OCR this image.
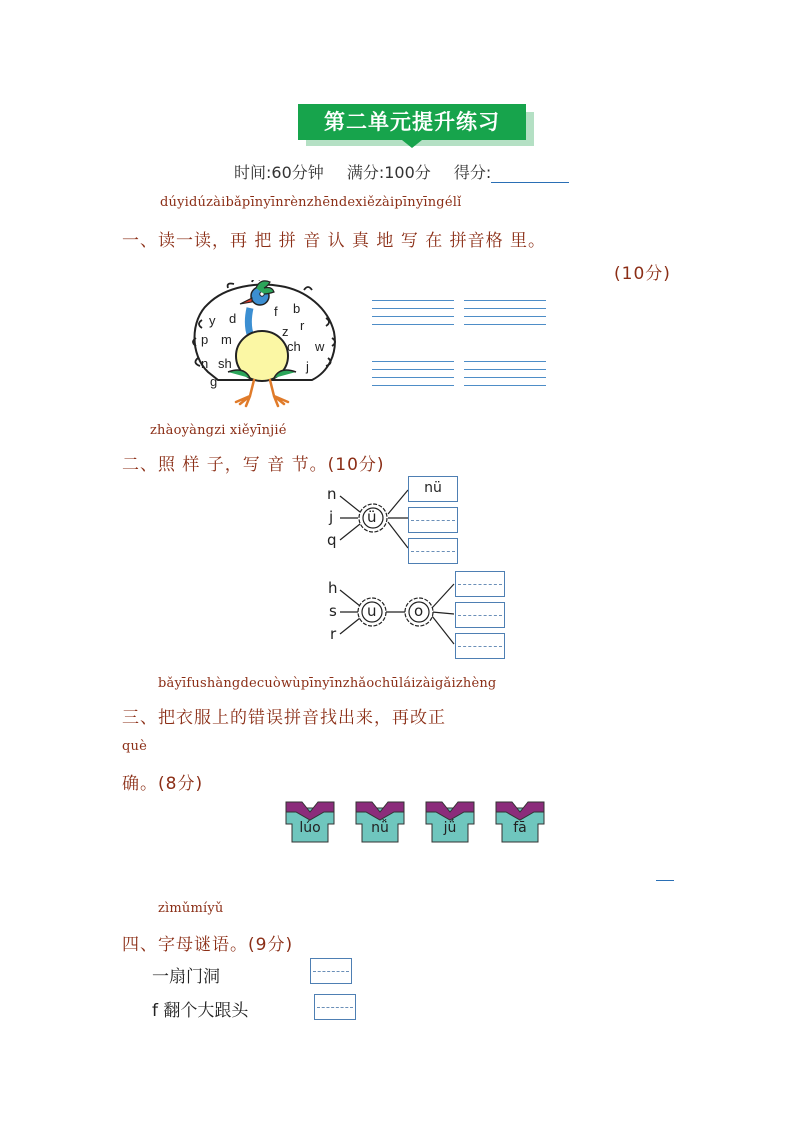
第二单元提升练习
时间:60分钟 满分:100分 得分:
dúyidúzàibǎpīnyīnrènzhēndexiězàipīnyīngélǐ
一、读一读，再 把 拼 音 认 真 地 写 在 拼音格 里。
(10分)
y d	f b
p m
z
ch w
n sh	j
g
r
zhàoyàngzi xiěyīnjié
二、照 样 子，写 音 节。(10分)
n
j
q
ü
nü
h
s
r
u o
bǎyīfushàngdecuòwùpīnyīnzhǎochūláizàigǎizhèng
三、把衣服上的错误拼音找出来，再改正
què
确。(8分)
lúo	nǚ	jǘ	fā
zìmǔmíyǔ
四、字母谜语。(9分)
一扇门洞
f 翻个大跟头
